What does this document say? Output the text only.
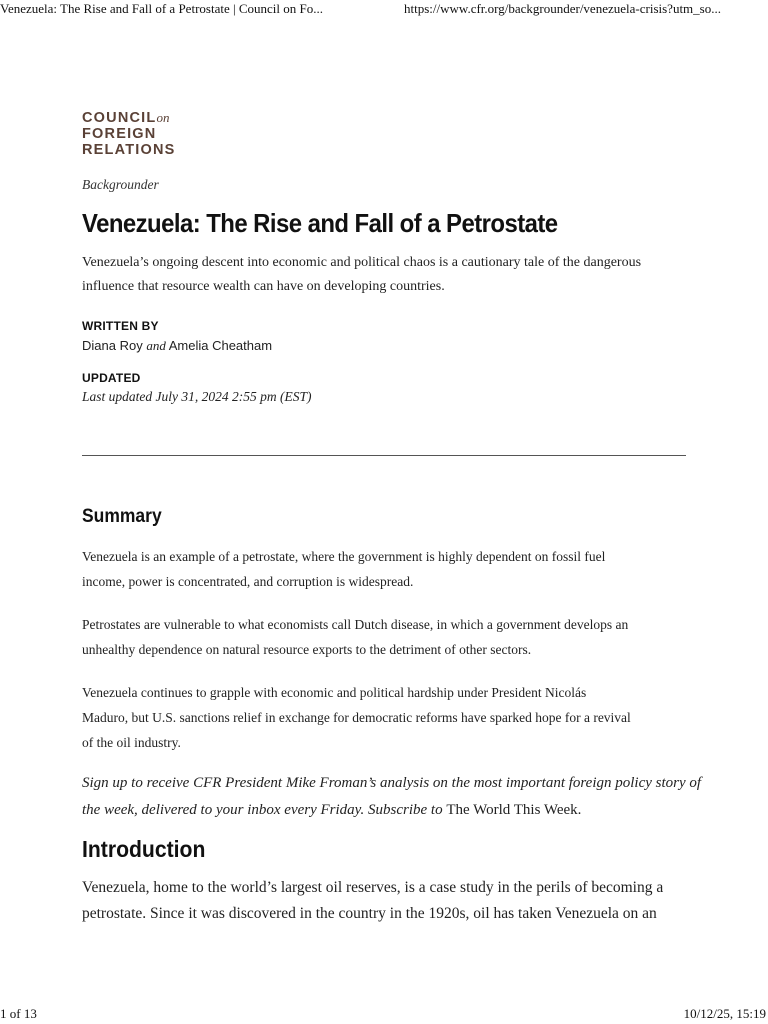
Venezuela: The Rise and Fall of a Petrostate | Council on Fo...	https://www.cfr.org/backgrounder/venezuela-crisis?utm_so...
COUNCILon
FOREIGN
RELATIONS
Backgrounder
Venezuela: The Rise and Fall of a Petrostate
Venezuela’s ongoing descent into economic and political chaos is a cautionary tale of the dangerous influence that resource wealth can have on developing countries.
WRITTEN BY
Diana Roy and Amelia Cheatham
UPDATED
Last updated July 31, 2024 2:55 pm (EST)
Summary
Venezuela is an example of a petrostate, where the government is highly dependent on fossil fuel
income, power is concentrated, and corruption is widespread.
Petrostates are vulnerable to what economists call Dutch disease, in which a government develops an
unhealthy dependence on natural resource exports to the detriment of other sectors.
Venezuela continues to grapple with economic and political hardship under President Nicolás
Maduro, but U.S. sanctions relief in exchange for democratic reforms have sparked hope for a revival
of the oil industry.
Sign up to receive CFR President Mike Froman’s analysis on the most important foreign policy story of
the week, delivered to your inbox every Friday. Subscribe to The World This Week.
Introduction
Venezuela, home to the world’s largest oil reserves, is a case study in the perils of becoming a
petrostate. Since it was discovered in the country in the 1920s, oil has taken Venezuela on an
1 of 13	10/12/25, 15:19
